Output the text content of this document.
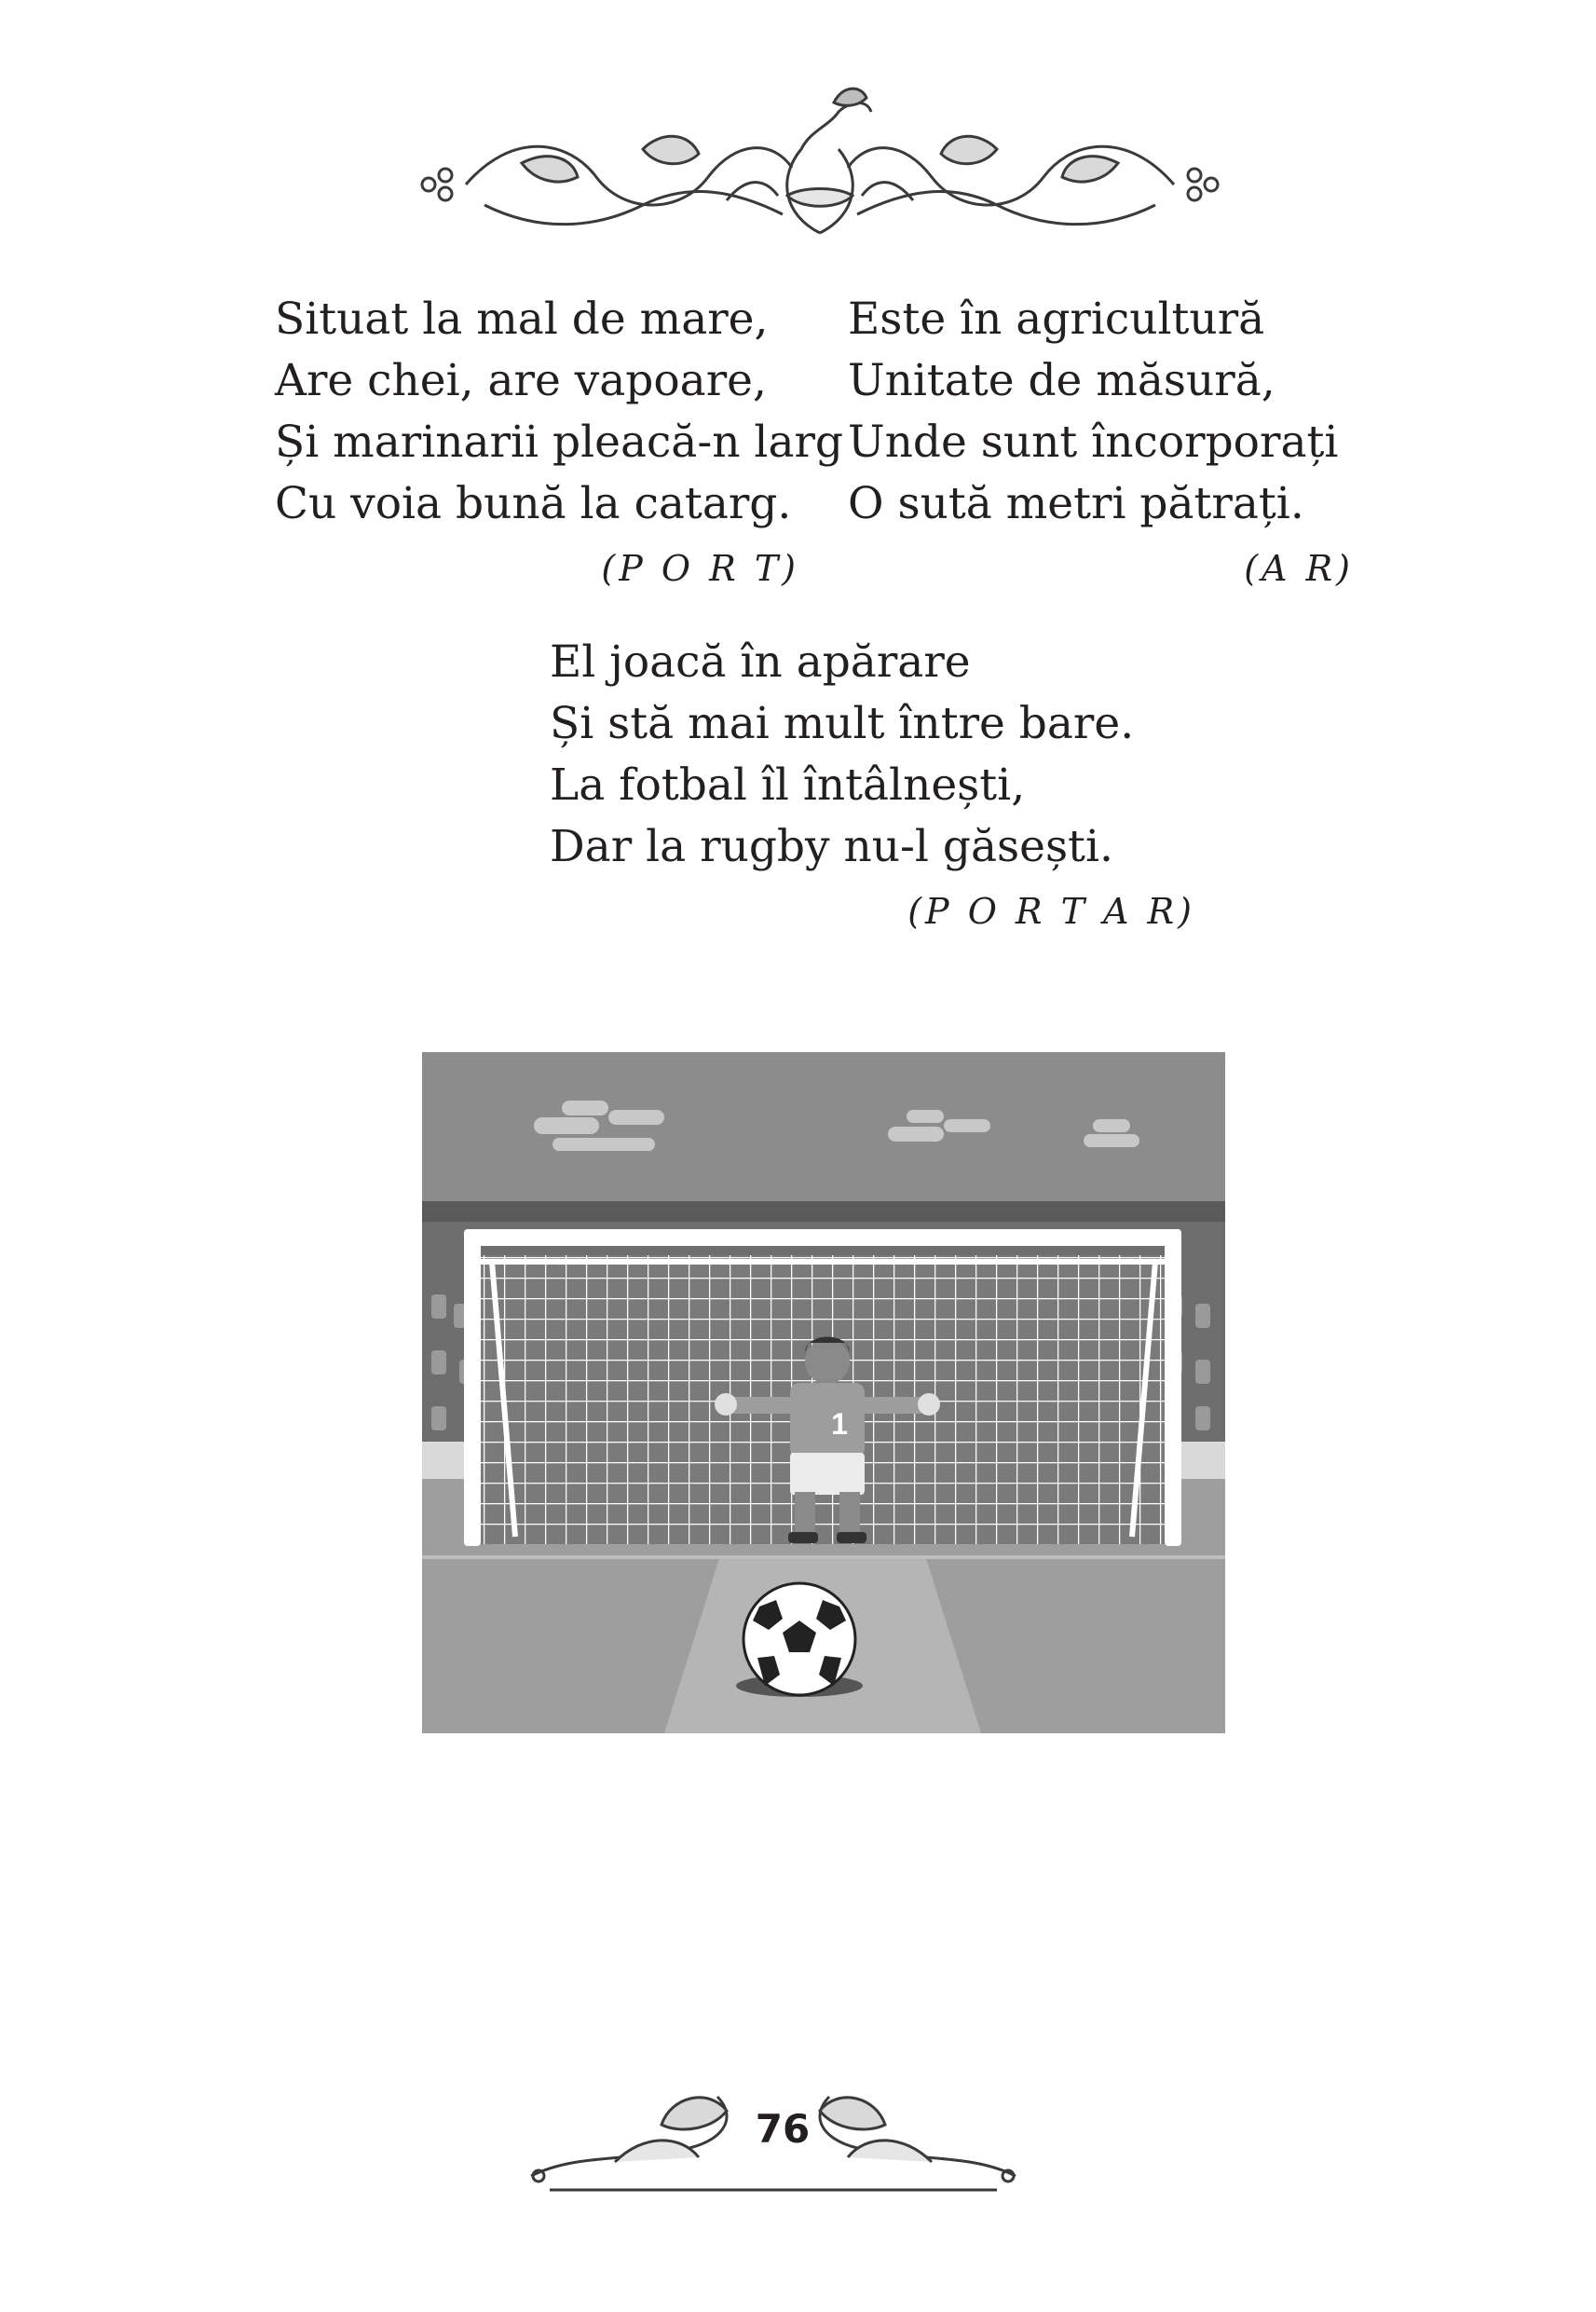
Situat la mal de mare,
Are chei, are vapoare,
Și marinarii pleacă-n larg
Cu voia bună la catarg.
(P O R T)
Este în agricultură
Unitate de măsură,
Unde sunt încorporați
O sută metri pătrați.
(A R)
El joacă în apărare
Și stă mai mult între bare.
La fotbal îl întâlnești,
Dar la rugby nu-l găsești.
(P O R T A R)
1
76
